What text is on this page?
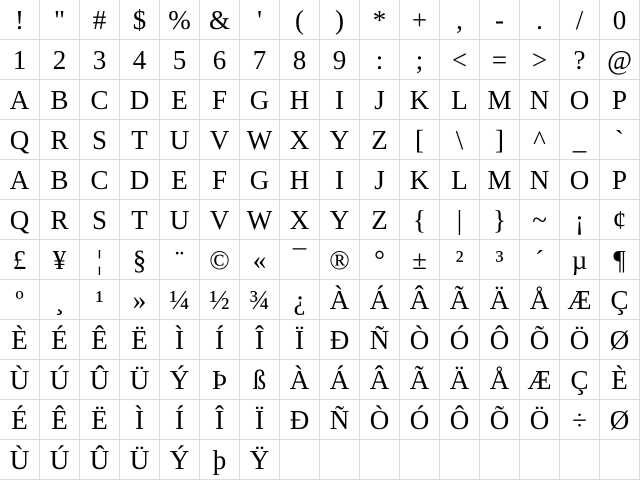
!	"	# $ % &	'	(	)	* +	,	-	.	/	0
1 2 3 4 5 6 7 8 9	:	;	< = > ? @
A B C D E F G H I	J K L M N O P
Q R S T U V W X Y Z	[	\	]	^ _	`
A B C D E F G H I	J K L M N O P
Q R S T U V W X Y Z {	|	} ~	¡	¢
£ ¥	¦	§	¨ © « ¯ ® °	±	²	³	´	µ ¶
º	¸	¹	» ¼ ½ ¾ ¿ À Á Â Ã Ä Å Æ Ç
È É Ê Ë	Ì	Í	Î	Ï Ð Ñ Ò Ó Ô Õ Ö Ø
Ù Ú Û Ü Ý Þ ß À Á Â Ã Ä Å Æ Ç È
É Ê Ë	Ì	Í	Î	Ï Ð Ñ Ò Ó Ô Õ Ö ÷ Ø
Ù Ú Û Ü Ý þ Ÿ
